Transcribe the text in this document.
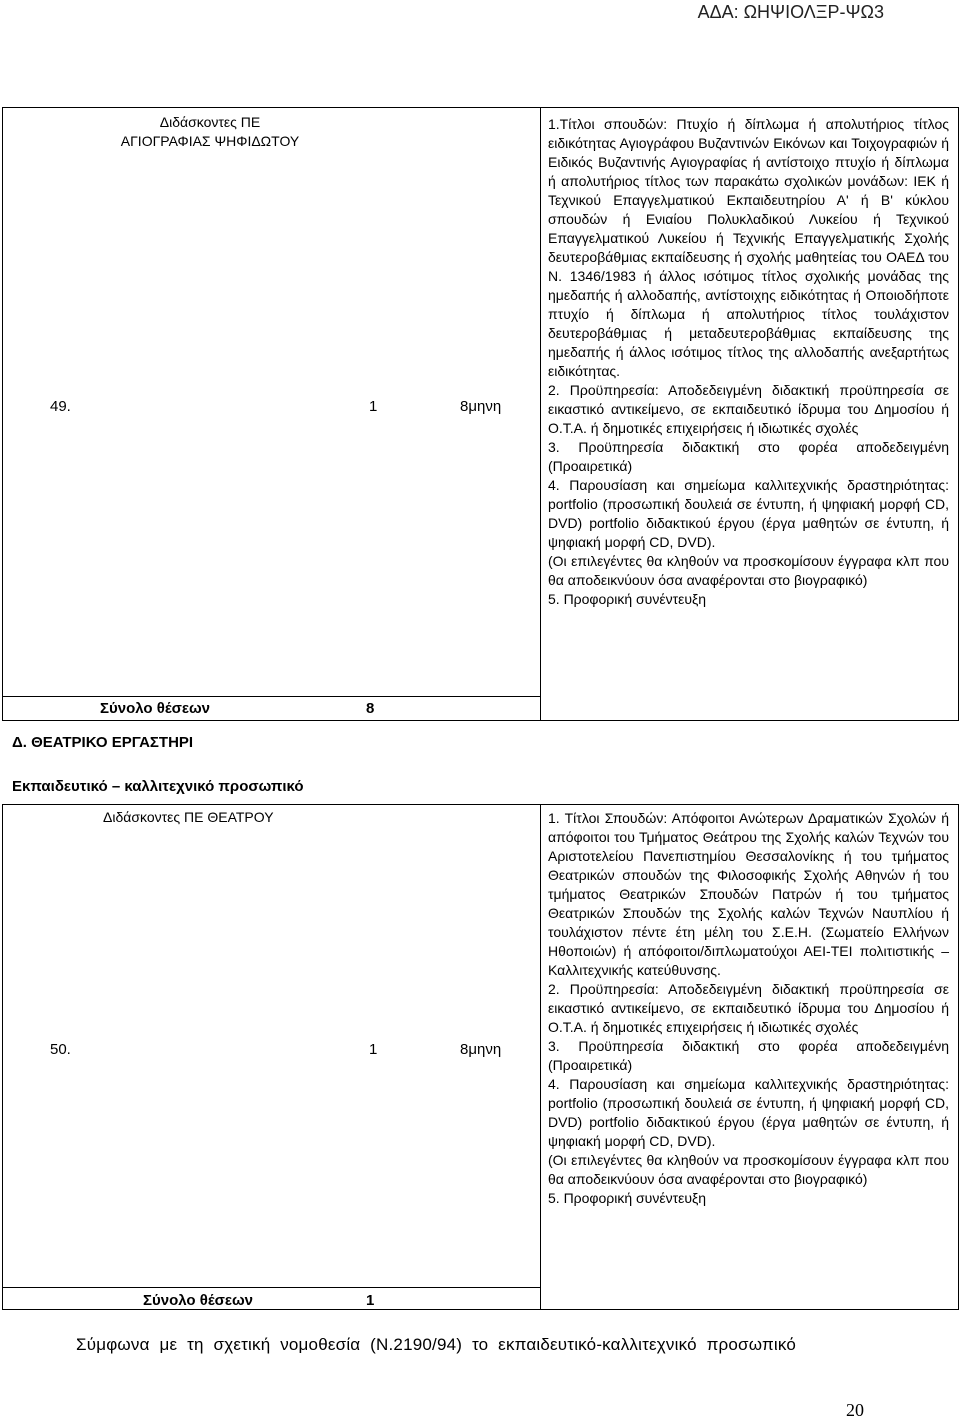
ΑΔΑ: ΩΗΨΙΟΛΞΡ-ΨΩ3
Διδάσκοντες ΠΕ
ΑΓΙΟΓΡΑΦΙΑΣ ΨΗΦΙΔΩΤΟΥ
49.	1	8μηνη

1.Τίτλοι σπουδών: Πτυχίο ή δίπλωμα ή απολυτήριος τίτλος ειδικότητας Αγιογράφου Βυζαντινών Εικόνων και Τοιχογραφιών ή Ειδικός Βυζαντινής Αγιογραφίας ή αντίστοιχο πτυχίο ή δίπλωμα ή απολυτήριος τίτλος των παρακάτω σχολικών μονάδων: ΙΕΚ ή Τεχνικού Επαγγελματικού Εκπαιδευτηρίου Α' ή Β' κύκλου σπουδών ή Ενιαίου Πολυκλαδικού Λυκείου ή Τεχνικού Επαγγελματικού Λυκείου ή Τεχνικής Επαγγελματικής Σχολής δευτεροβάθμιας εκπαίδευσης ή σχολής μαθητείας του ΟΑΕΔ του Ν. 1346/1983 ή άλλος ισότιμος τίτλος σχολικής μονάδας της ημεδαπής ή αλλοδαπής, αντίστοιχης ειδικότητας ή Οποιοδήποτε πτυχίο ή δίπλωμα ή απολυτήριος τίτλος τουλάχιστον δευτεροβάθμιας ή μεταδευτεροβάθμιας εκπαίδευσης της ημεδαπής ή άλλος ισότιμος τίτλος της αλλοδαπής ανεξαρτήτως ειδικότητας.

2. Προϋπηρεσία: Αποδεδειγμένη διδακτική προϋπηρεσία σε εικαστικό αντικείμενο, σε εκπαιδευτικό ίδρυμα του Δημοσίου ή Ο.Τ.Α. ή δημοτικές επιχειρήσεις ή ιδιωτικές σχολές

3. Προϋπηρεσία διδακτική στο φορέα αποδεδειγμένη (Προαιρετικά)

4. Παρουσίαση και σημείωμα καλλιτεχνικής δραστηριότητας: portfolio (προσωπική δουλειά σε έντυπη, ή ψηφιακή μορφή CD, DVD) portfolio διδακτικού έργου (έργα μαθητών σε έντυπη, ή ψηφιακή μορφή CD, DVD).

(Οι επιλεγέντες θα κληθούν να προσκομίσουν έγγραφα κλπ που θα αποδεικνύουν όσα αναφέρονται στο βιογραφικό)

5. Προφορική συνέντευξη

Σύνολο θέσεων	8
Δ. ΘΕΑΤΡΙΚΟ ΕΡΓΑΣΤΗΡΙ
Εκπαιδευτικό – καλλιτεχνικό προσωπικό
Διδάσκοντες ΠΕ ΘΕΑΤΡΟΥ
50.	1	8μηνη

1. Τίτλοι Σπουδών: Απόφοιτοι Ανώτερων Δραματικών Σχολών ή απόφοιτοι του Τμήματος Θεάτρου της Σχολής καλών Τεχνών του Αριστοτελείου Πανεπιστημίου Θεσσαλονίκης ή του τμήματος Θεατρικών σπουδών της Φιλοσοφικής Σχολής Αθηνών ή του τμήματος Θεατρικών Σπουδών Πατρών ή του τμήματος Θεατρικών Σπουδών της Σχολής καλών Τεχνών Ναυπλίου ή τουλάχιστον πέντε έτη μέλη του Σ.Ε.Η. (Σωματείο Ελλήνων Ηθοποιών) ή απόφοιτοι/διπλωματούχοι ΑΕΙ-ΤΕΙ πολιτιστικής – Καλλιτεχνικής κατεύθυνσης.

2. Προϋπηρεσία: Αποδεδειγμένη διδακτική προϋπηρεσία σε εικαστικό αντικείμενο, σε εκπαιδευτικό ίδρυμα του Δημοσίου ή Ο.Τ.Α. ή δημοτικές επιχειρήσεις ή ιδιωτικές σχολές

3. Προϋπηρεσία διδακτική στο φορέα αποδεδειγμένη (Προαιρετικά)

4. Παρουσίαση και σημείωμα καλλιτεχνικής δραστηριότητας: portfolio (προσωπική δουλειά σε έντυπη, ή ψηφιακή μορφή CD, DVD) portfolio διδακτικού έργου (έργα μαθητών σε έντυπη, ή ψηφιακή μορφή CD, DVD).

(Οι επιλεγέντες θα κληθούν να προσκομίσουν έγγραφα κλπ που θα αποδεικνύουν όσα αναφέρονται στο βιογραφικό)

5. Προφορική συνέντευξη

Σύνολο θέσεων	1
Σύμφωνα  με  τη  σχετική  νομοθεσία  (Ν.2190/94)  το  εκπαιδευτικό-καλλιτεχνικό  προσωπικό
20
